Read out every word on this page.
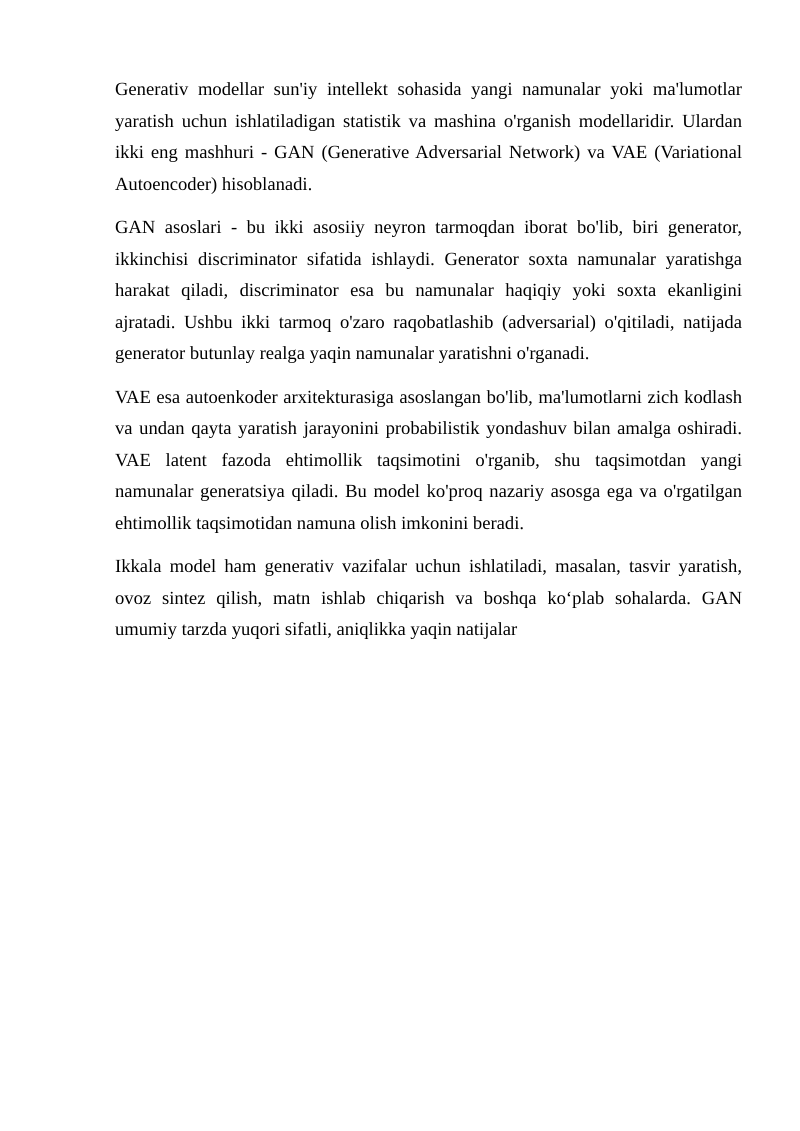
Generativ modellar sun'iy intellekt sohasida yangi namunalar yoki ma'lumotlar yaratish uchun ishlatiladigan statistik va mashina o'rganish modellaridir. Ulardan ikki eng mashhuri - GAN (Generative Adversarial Network) va VAE (Variational Autoencoder) hisoblanadi.

GAN asoslari - bu ikki asosiiy neyron tarmoqdan iborat bo'lib, biri generator, ikkinchisi discriminator sifatida ishlaydi. Generator soxta namunalar yaratishga harakat qiladi, discriminator esa bu namunalar haqiqiy yoki soxta ekanligini ajratadi. Ushbu ikki tarmoq o'zaro raqobatlashib (adversarial) o'qitiladi, natijada generator butunlay realga yaqin namunalar yaratishni o'rganadi.

VAE esa autoenkoder arxitekturasiga asoslangan bo'lib, ma'lumotlarni zich kodlash va undan qayta yaratish jarayonini probabilistik yondashuv bilan amalga oshiradi. VAE latent fazoda ehtimollik taqsimotini o'rganib, shu taqsimotdan yangi namunalar generatsiya qiladi. Bu model ko'proq nazariy asosga ega va o'rgatilgan ehtimollik taqsimotidan namuna olish imkonini beradi.

Ikkala model ham generativ vazifalar uchun ishlatiladi, masalan, tasvir yaratish, ovoz sintez qilish, matn ishlab chiqarish va boshqa ko‘plab sohalarda. GAN umumiy tarzda yuqori sifatli, aniqlikka yaqin natijalar
